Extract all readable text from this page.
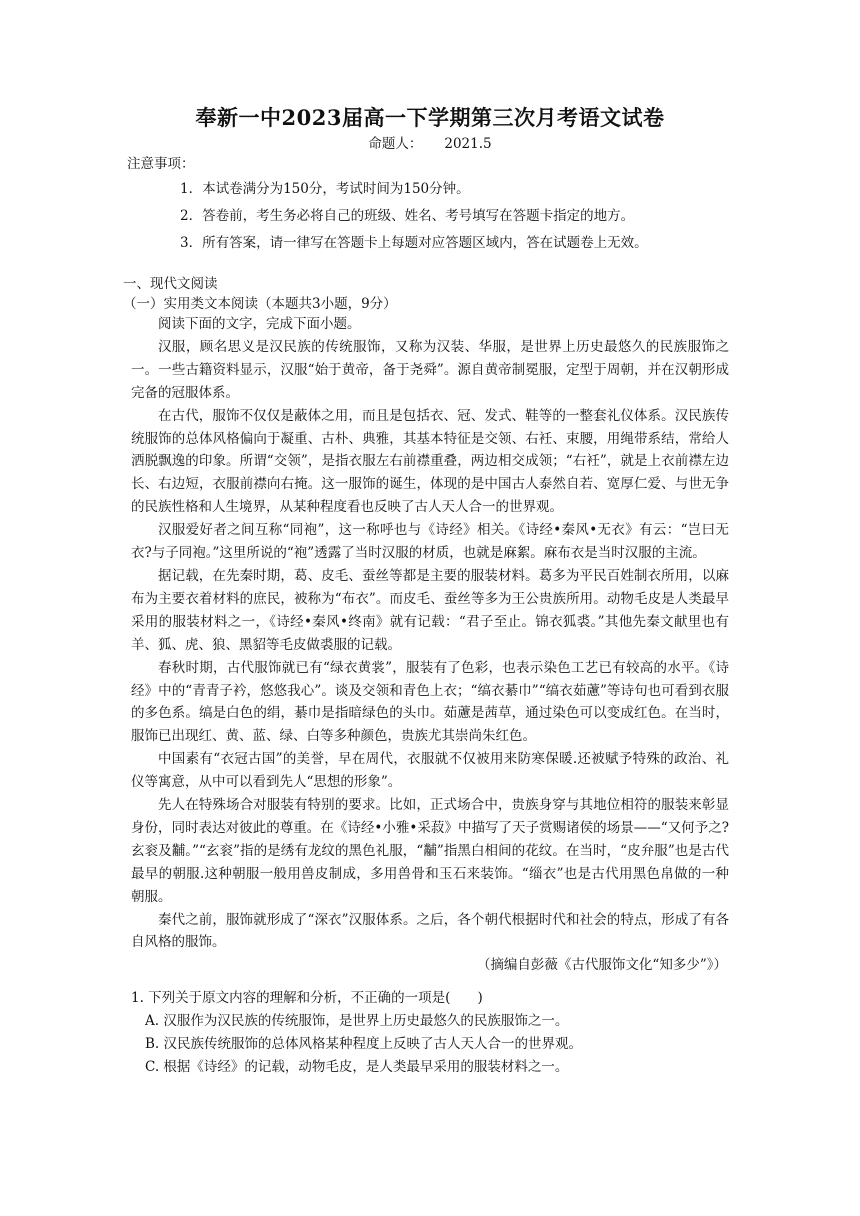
奉新一中2023届高一下学期第三次月考语文试卷
命题人： 2021.5
注意事项：
1．本试卷满分为150分，考试时间为150分钟。
2．答卷前，考生务必将自己的班级、姓名、考号填写在答题卡指定的地方。
3．所有答案，请一律写在答题卡上每题对应答题区域内，答在试题卷上无效。
一、现代文阅读
（一）实用类文本阅读（本题共3小题，9分）

阅读下面的文字，完成下面小题。

汉服，顾名思义是汉民族的传统服饰，又称为汉装、华服，是世界上历史最悠久的民族服饰之一。一些古籍资料显示，汉服“始于黄帝，备于尧舜”。源自黄帝制冕服，定型于周朝，并在汉朝形成完备的冠服体系。

在古代，服饰不仅仅是蔽体之用，而且是包括衣、冠、发式、鞋等的一整套礼仪体系。汉民族传统服饰的总体风格偏向于凝重、古朴、典雅，其基本特征是交领、右衽、束腰，用绳带系结，常给人洒脱飘逸的印象。所谓“交领”，是指衣服左右前襟重叠，两边相交成领；“右衽”，就是上衣前襟左边长、右边短，衣服前襟向右掩。这一服饰的诞生，体现的是中国古人泰然自若、宽厚仁爱、与世无争的民族性格和人生境界，从某种程度看也反映了古人天人合一的世界观。

汉服爱好者之间互称“同袍”，这一称呼也与《诗经》相关。《诗经•秦风•无衣》有云：“岂曰无衣?与子同袍。”这里所说的“袍”透露了当时汉服的材质，也就是麻絮。麻布衣是当时汉服的主流。

据记载，在先秦时期，葛、皮毛、蚕丝等都是主要的服装材料。葛多为平民百姓制衣所用，以麻布为主要衣着材料的庶民，被称为“布衣”。而皮毛、蚕丝等多为王公贵族所用。动物毛皮是人类最早采用的服装材料之一，《诗经•秦风•终南》就有记载：“君子至止。锦衣狐裘。”其他先秦文献里也有羊、狐、虎、狼、黑貂等毛皮做裘服的记载。

春秋时期，古代服饰就已有“绿衣黄裳”，服装有了色彩，也表示染色工艺已有较高的水平。《诗经》中的“青青子衿，悠悠我心”。谈及交领和青色上衣；“缟衣綦巾”“缟衣茹藘”等诗句也可看到衣服的多色系。缟是白色的绢，綦巾是指暗绿色的头巾。茹藘是茜草，通过染色可以变成红色。在当时，服饰已出现红、黄、蓝、绿、白等多种颜色，贵族尤其崇尚朱红色。

中国素有“衣冠古国”的美誉，早在周代，衣服就不仅被用来防寒保暖.还被赋予特殊的政治、礼仪等寓意，从中可以看到先人“思想的形象”。

先人在特殊场合对服装有特别的要求。比如，正式场合中，贵族身穿与其地位相符的服装来彰显身份，同时表达对彼此的尊重。在《诗经•小雅•采菽》中描写了天子赏赐诸侯的场景——“又何予之?玄衮及黼。”“玄衮”指的是绣有龙纹的黑色礼服，“黼”指黑白相间的花纹。在当时，“皮弁服”也是古代最早的朝服.这种朝服一般用兽皮制成，多用兽骨和玉石来装饰。“缁衣”也是古代用黑色帛做的一种朝服。

秦代之前，服饰就形成了“深衣”汉服体系。之后，各个朝代根据时代和社会的特点，形成了有各自风格的服饰。

（摘编自彭薇《古代服饰文化“知多少”》）

1. 下列关于原文内容的理解和分析，不正确的一项是(　　)

A. 汉服作为汉民族的传统服饰，是世界上历史最悠久的民族服饰之一。

B. 汉民族传统服饰的总体风格某种程度上反映了古人天人合一的世界观。

C. 根据《诗经》的记载，动物毛皮，是人类最早采用的服装材料之一。
